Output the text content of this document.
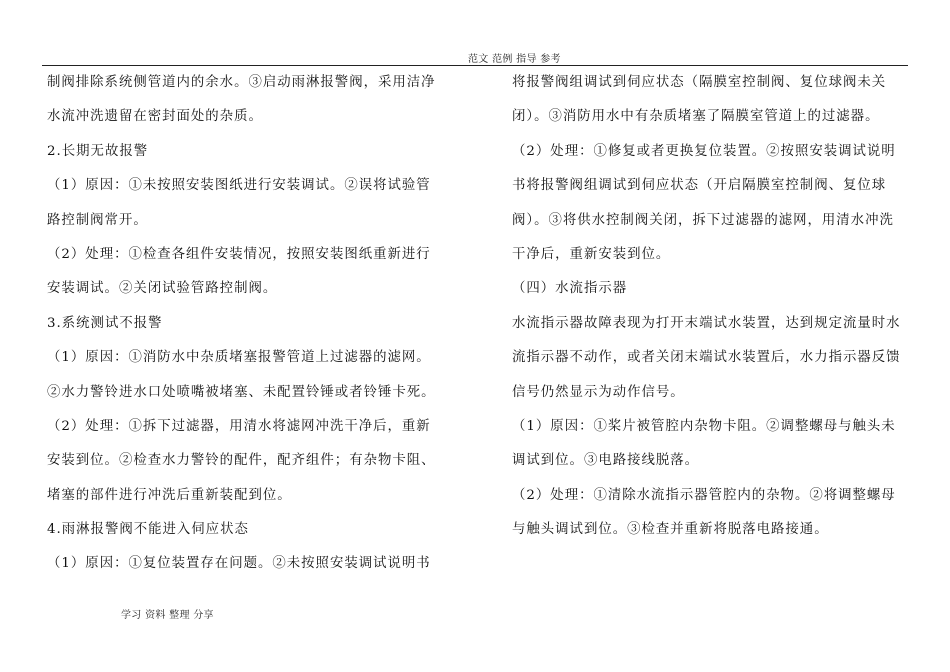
范文 范例 指导 参考
制阀排除系统侧管道内的余水。③启动雨淋报警阀，采用洁净
水流冲洗遗留在密封面处的杂质。
2.长期无故报警
（1）原因：①未按照安装图纸进行安装调试。②误将试验管
路控制阀常开。
（2）处理：①检查各组件安装情况，按照安装图纸重新进行
安装调试。②关闭试验管路控制阀。
3.系统测试不报警
（1）原因：①消防水中杂质堵塞报警管道上过滤器的滤网。
②水力警铃进水口处喷嘴被堵塞、未配置铃锤或者铃锤卡死。
（2）处理：①拆下过滤器，用清水将滤网冲洗干净后，重新
安装到位。②检查水力警铃的配件，配齐组件；有杂物卡阻、
堵塞的部件进行冲洗后重新装配到位。
4.雨淋报警阀不能进入伺应状态
（1）原因：①复位装置存在问题。②未按照安装调试说明书
将报警阀组调试到伺应状态（隔膜室控制阀、复位球阀未关
闭）。③消防用水中有杂质堵塞了隔膜室管道上的过滤器。
（2）处理：①修复或者更换复位装置。②按照安装调试说明
书将报警阀组调试到伺应状态（开启隔膜室控制阀、复位球
阀）。③将供水控制阀关闭，拆下过滤器的滤网，用清水冲洗
干净后，重新安装到位。
（四）水流指示器
水流指示器故障表现为打开末端试水装置，达到规定流量时水
流指示器不动作，或者关闭末端试水装置后，水力指示器反馈
信号仍然显示为动作信号。
（1）原因：①桨片被管腔内杂物卡阻。②调整螺母与触头未
调试到位。③电路接线脱落。
（2）处理：①清除水流指示器管腔内的杂物。②将调整螺母
与触头调试到位。③检查并重新将脱落电路接通。
学习 资料 整理 分享
